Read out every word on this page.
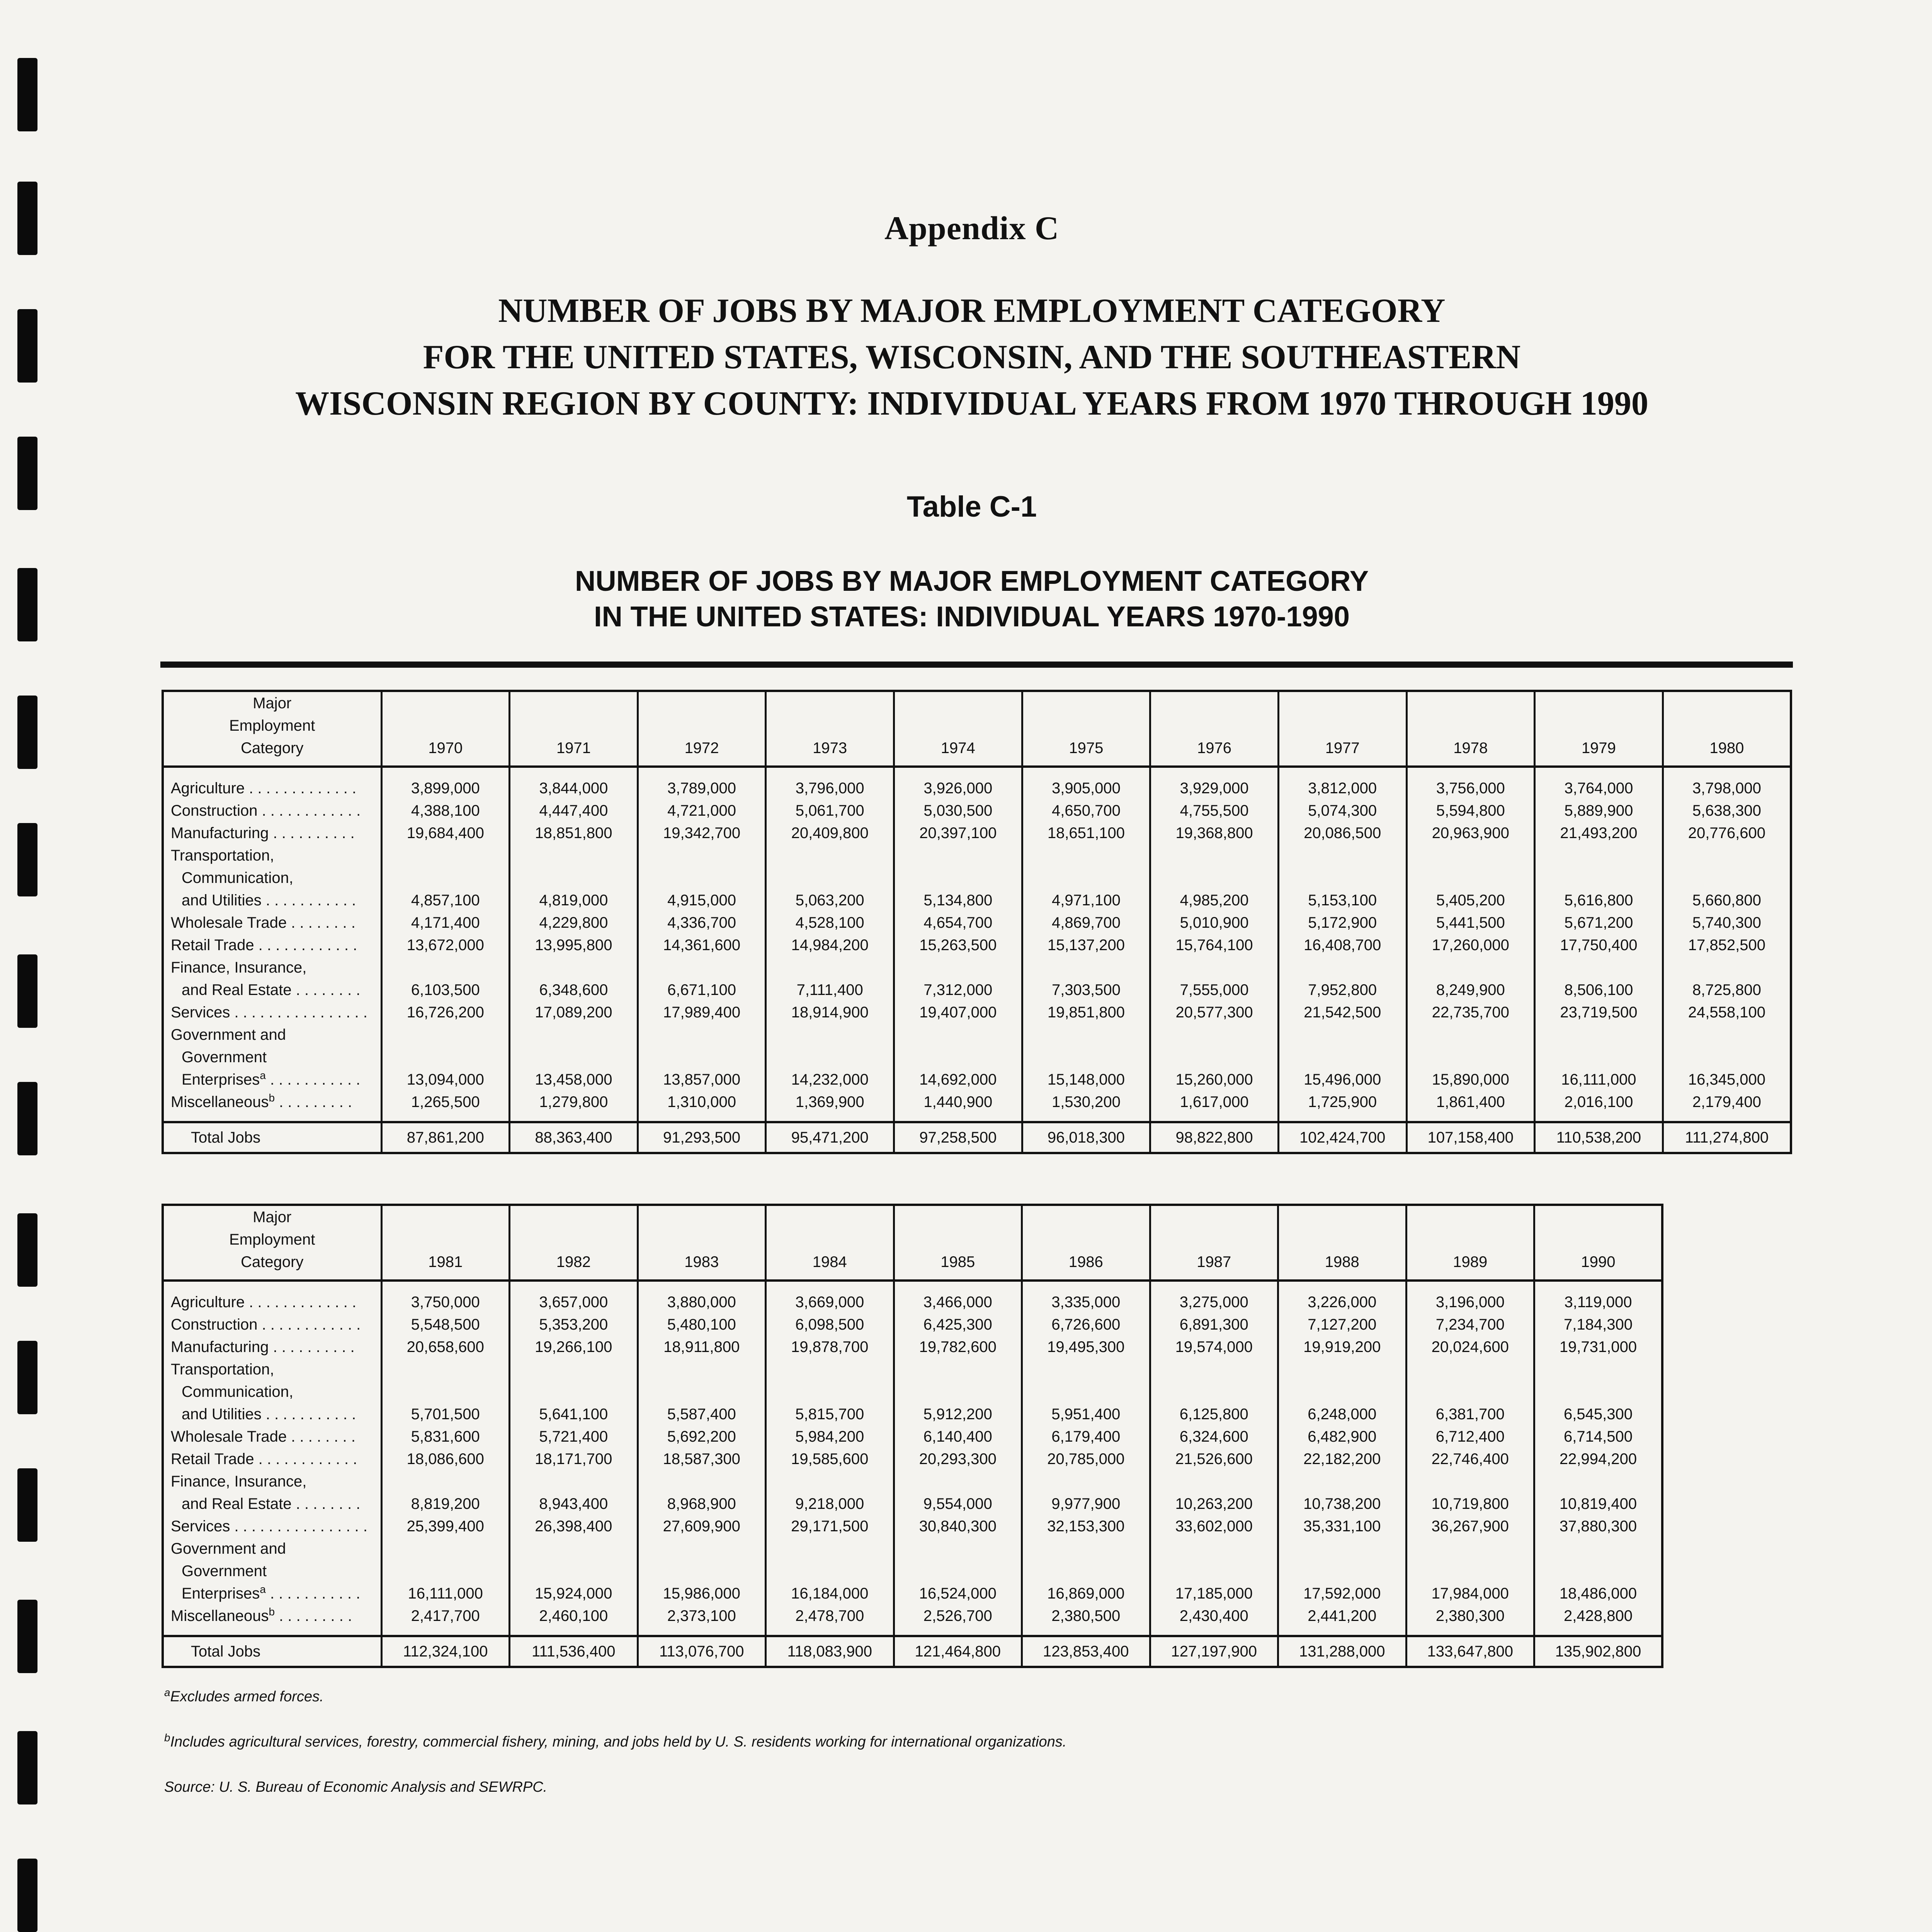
Appendix C
NUMBER OF JOBS BY MAJOR EMPLOYMENT CATEGORY
FOR THE UNITED STATES, WISCONSIN, AND THE SOUTHEASTERN
WISCONSIN REGION BY COUNTY: INDIVIDUAL YEARS FROM 1970 THROUGH 1990
Table C-1
NUMBER OF JOBS BY MAJOR EMPLOYMENT CATEGORY
IN THE UNITED STATES: INDIVIDUAL YEARS 1970-1990
Major
Employment
Category	1970	1971	1972	1973	1974	1975	1976	1977	1978	1979	1980

Agriculture . . . . . . . . . . . . .	3,899,000	3,844,000	3,789,000	3,796,000	3,926,000	3,905,000	3,929,000	3,812,000	3,756,000	3,764,000	3,798,000

Construction . . . . . . . . . . . .	4,388,100	4,447,400	4,721,000	5,061,700	5,030,500	4,650,700	4,755,500	5,074,300	5,594,800	5,889,900	5,638,300

Manufacturing . . . . . . . . . .	19,684,400	18,851,800	19,342,700	20,409,800	20,397,100	18,651,100	19,368,800	20,086,500	20,963,900	21,493,200	20,776,600

Transportation,
Communication,
and Utilities . . . . . . . . . . .	4,857,100	4,819,000	4,915,000	5,063,200	5,134,800	4,971,100	4,985,200	5,153,100	5,405,200	5,616,800	5,660,800

Wholesale Trade . . . . . . . .	4,171,400	4,229,800	4,336,700	4,528,100	4,654,700	4,869,700	5,010,900	5,172,900	5,441,500	5,671,200	5,740,300

Retail Trade . . . . . . . . . . . .	13,672,000	13,995,800	14,361,600	14,984,200	15,263,500	15,137,200	15,764,100	16,408,700	17,260,000	17,750,400	17,852,500

Finance, Insurance,
and Real Estate . . . . . . . .	6,103,500	6,348,600	6,671,100	7,111,400	7,312,000	7,303,500	7,555,000	7,952,800	8,249,900	8,506,100	8,725,800

Services . . . . . . . . . . . . . . . .	16,726,200	17,089,200	17,989,400	18,914,900	19,407,000	19,851,800	20,577,300	21,542,500	22,735,700	23,719,500	24,558,100

Government and
Government
Enterprises$^a$ . . . . . . . . . . .	13,094,000	13,458,000	13,857,000	14,232,000	14,692,000	15,148,000	15,260,000	15,496,000	15,890,000	16,111,000	16,345,000

Miscellaneous$^b$ . . . . . . . . .	1,265,500	1,279,800	1,310,000	1,369,900	1,440,900	1,530,200	1,617,000	1,725,900	1,861,400	2,016,100	2,179,400
Total Jobs	87,861,200	88,363,400	91,293,500	95,471,200	97,258,500	96,018,300	98,822,800	102,424,700	107,158,400	110,538,200	111,274,800
Major
Employment
Category	1981	1982	1983	1984	1985	1986	1987	1988	1989	1990

Agriculture . . . . . . . . . . . . .	3,750,000	3,657,000	3,880,000	3,669,000	3,466,000	3,335,000	3,275,000	3,226,000	3,196,000	3,119,000

Construction . . . . . . . . . . . .	5,548,500	5,353,200	5,480,100	6,098,500	6,425,300	6,726,600	6,891,300	7,127,200	7,234,700	7,184,300

Manufacturing . . . . . . . . . .	20,658,600	19,266,100	18,911,800	19,878,700	19,782,600	19,495,300	19,574,000	19,919,200	20,024,600	19,731,000

Transportation,
Communication,
and Utilities . . . . . . . . . . .	5,701,500	5,641,100	5,587,400	5,815,700	5,912,200	5,951,400	6,125,800	6,248,000	6,381,700	6,545,300

Wholesale Trade . . . . . . . .	5,831,600	5,721,400	5,692,200	5,984,200	6,140,400	6,179,400	6,324,600	6,482,900	6,712,400	6,714,500

Retail Trade . . . . . . . . . . . .	18,086,600	18,171,700	18,587,300	19,585,600	20,293,300	20,785,000	21,526,600	22,182,200	22,746,400	22,994,200

Finance, Insurance,
and Real Estate . . . . . . . .	8,819,200	8,943,400	8,968,900	9,218,000	9,554,000	9,977,900	10,263,200	10,738,200	10,719,800	10,819,400

Services . . . . . . . . . . . . . . . .	25,399,400	26,398,400	27,609,900	29,171,500	30,840,300	32,153,300	33,602,000	35,331,100	36,267,900	37,880,300

Government and
Government
Enterprises$^a$ . . . . . . . . . . .	16,111,000	15,924,000	15,986,000	16,184,000	16,524,000	16,869,000	17,185,000	17,592,000	17,984,000	18,486,000

Miscellaneous$^b$ . . . . . . . . .	2,417,700	2,460,100	2,373,100	2,478,700	2,526,700	2,380,500	2,430,400	2,441,200	2,380,300	2,428,800
Total Jobs	112,324,100	111,536,400	113,076,700	118,083,900	121,464,800	123,853,400	127,197,900	131,288,000	133,647,800	135,902,800

$^a$Excludes armed forces.

$^b$Includes agricultural services, forestry, commercial fishery, mining, and jobs held by U. S. residents working for international organizations.

Source: U. S. Bureau of Economic Analysis and SEWRPC.
